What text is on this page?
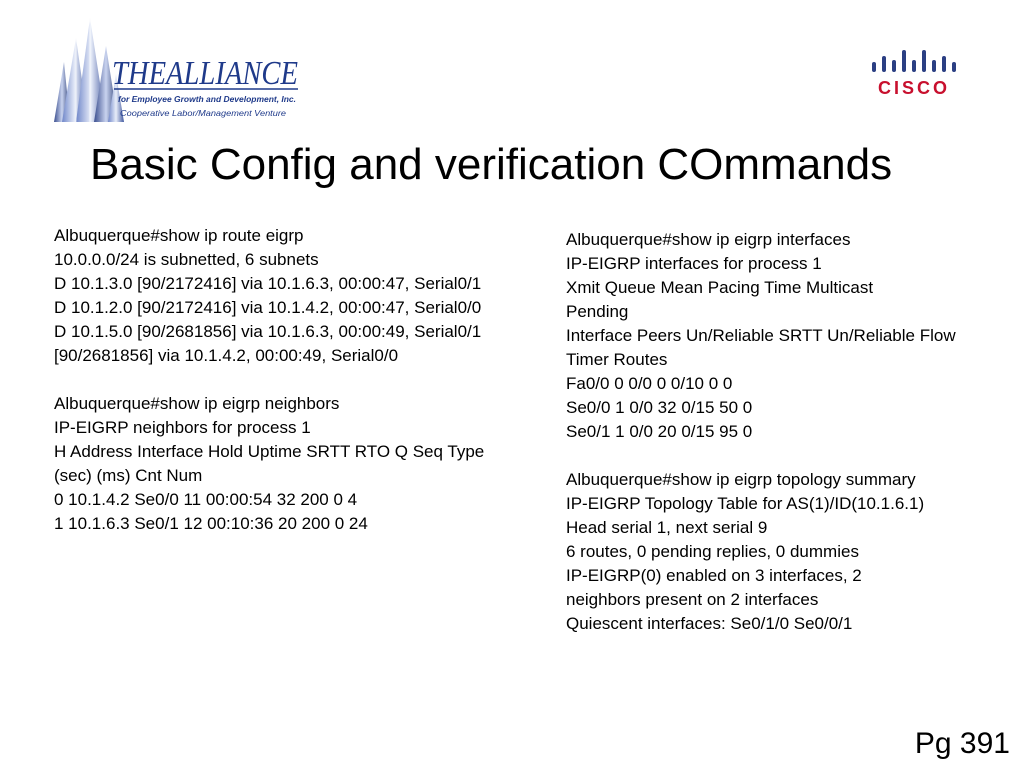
THEALLIANCE
for Employee Growth and Development, Inc.
Cooperative Labor/Management Venture
CISCO
Basic Config and verification COmmands
Albuquerque#show ip route eigrp
10.0.0.0/24 is subnetted, 6 subnets
D 10.1.3.0 [90/2172416] via 10.1.6.3, 00:00:47, Serial0/1
D 10.1.2.0 [90/2172416] via 10.1.4.2, 00:00:47, Serial0/0
D 10.1.5.0 [90/2681856] via 10.1.6.3, 00:00:49, Serial0/1
[90/2681856] via 10.1.4.2, 00:00:49, Serial0/0
Albuquerque#show ip eigrp neighbors
IP-EIGRP neighbors for process 1
H Address Interface Hold Uptime SRTT RTO Q Seq Type
(sec) (ms) Cnt Num
0 10.1.4.2 Se0/0 11 00:00:54 32 200 0 4
1 10.1.6.3 Se0/1 12 00:10:36 20 200 0 24
Albuquerque#show ip eigrp interfaces
IP-EIGRP interfaces for process 1
Xmit Queue Mean Pacing Time Multicast Pending
Interface Peers Un/Reliable SRTT Un/Reliable Flow Timer Routes
Fa0/0 0 0/0 0 0/10 0 0
Se0/0 1 0/0 32 0/15 50 0
Se0/1 1 0/0 20 0/15 95 0
Albuquerque#show ip eigrp topology summary
IP-EIGRP Topology Table for AS(1)/ID(10.1.6.1)
Head serial 1, next serial 9
6 routes, 0 pending replies, 0 dummies
IP-EIGRP(0) enabled on 3 interfaces, 2 neighbors present on 2 interfaces
Quiescent interfaces: Se0/1/0 Se0/0/1
Pg 391
